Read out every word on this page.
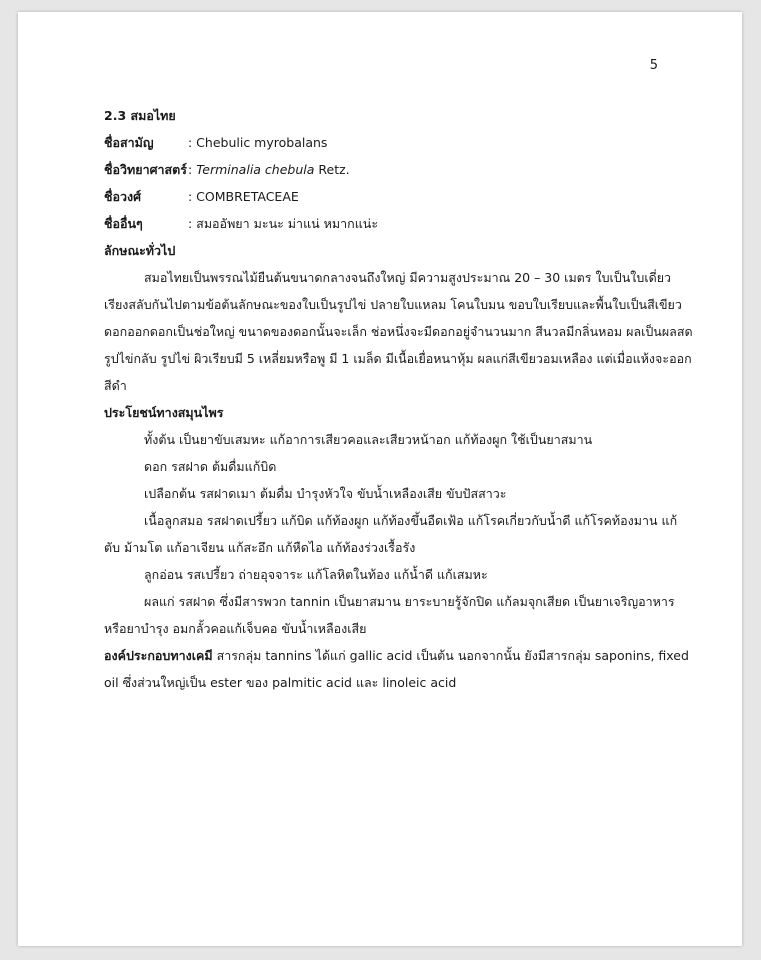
5
2.3 สมอไทย
ชื่อสามัญ	: Chebulic myrobalans
ชื่อวิทยาศาสตร์ : Terminalia chebula Retz.
ชื่อวงศ์	: COMBRETACEAE
ชื่ออื่นๆ	: สมออัพยา มะนะ ม่าแน่ หมากแน่ะ
ลักษณะทั่วไป
สมอไทยเป็นพรรณไม้ยืนต้นขนาดกลางจนถึงใหญ่ มีความสูงประมาณ 20 – 30 เมตร ใบเป็นใบเดี่ยว
เรียงสลับกันไปตามข้อต้นลักษณะของใบเป็นรูปไข่ ปลายใบแหลม โคนใบมน ขอบใบเรียบและพื้นใบเป็นสีเขียว
ดอกออกดอกเป็นช่อใหญ่ ขนาดของดอกนั้นจะเล็ก ช่อหนึ่งจะมีดอกอยู่จำนวนมาก สีนวลมีกลิ่นหอม ผลเป็นผลสด
รูปไข่กลับ รูปไข่ ผิวเรียบมี 5 เหลี่ยมหรือพู มี 1 เมล็ด มีเนื้อเยื่อหนาหุ้ม ผลแก่สีเขียวอมเหลือง แต่เมื่อแห้งจะออก
สีดำ
ประโยชน์ทางสมุนไพร
ทั้งต้น เป็นยาขับเสมหะ แก้อาการเสียวคอและเสียวหน้าอก แก้ท้องผูก ใช้เป็นยาสมาน
ดอก รสฝาด ต้มดื่มแก้บิด
เปลือกต้น รสฝาดเมา ต้มดื่ม บำรุงหัวใจ ขับน้ำเหลืองเสีย ขับปัสสาวะ
เนื้อลูกสมอ รสฝาดเปรี้ยว แก้บิด แก้ท้องผูก แก้ท้องขึ้นอืดเฟ้อ แก้โรคเกี่ยวกับน้ำดี แก้โรคท้องมาน แก้
ตับ ม้ามโต แก้อาเจียน แก้สะอึก แก้หืดไอ แก้ท้องร่วงเรื้อรัง
ลูกอ่อน รสเปรี้ยว ถ่ายอุจจาระ แก้โลหิตในท้อง แก้น้ำดี แก้เสมหะ
ผลแก่ รสฝาด ซึ่งมีสารพวก tannin เป็นยาสมาน ยาระบายรู้จักปิด แก้ลมจุกเสียด เป็นยาเจริญอาหาร
หรือยาบำรุง อมกลั้วคอแก้เจ็บคอ ขับน้ำเหลืองเสีย
องค์ประกอบทางเคมี สารกลุ่ม tannins ได้แก่ gallic acid เป็นต้น นอกจากนั้น ยังมีสารกลุ่ม saponins, fixed
oil ซึ่งส่วนใหญ่เป็น ester ของ palmitic acid และ linoleic acid
